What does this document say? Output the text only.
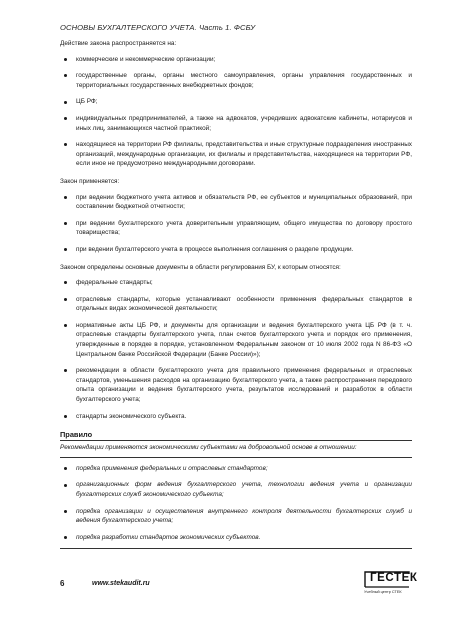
ОСНОВЫ БУХГАЛТЕРСКОГО УЧЕТА. Часть 1. ФСБУ

Действие закона распространяется на:

коммерческие и некоммерческие организации;
государственные органы, органы местного самоуправления, органы управления государственных и территориальных государственных внебюджетных фондов;
ЦБ РФ;
индивидуальных предпринимателей, а также на адвокатов, учредивших адвокатские кабинеты, нотариусов и иных лиц, занимающихся частной практикой;
находящиеся на территории РФ филиалы, представительства и иные структурные подразделения иностранных организаций, международные организации, их филиалы и представительства, находящиеся на территории РФ, если иное не предусмотрено международными договорами.

Закон применяется:

при ведении бюджетного учета активов и обязательств РФ, ее субъектов и муниципальных образований, при составлении бюджетной отчетности;
при ведении бухгалтерского учета доверительным управляющим, общего имущества по договору простого товарищества;
при ведении бухгалтерского учета в процессе выполнения соглашения о разделе продукции.

Законом определены основные документы в области регулирования БУ, к которым относятся:

федеральные стандарты;
отраслевые стандарты, которые устанавливают особенности применения федеральных стандартов в отдельных видах экономической деятельности;
нормативные акты ЦБ РФ, и документы для организации и ведения бухгалтерского учета ЦБ РФ (в т. ч. отраслевые стандарты бухгалтерского учета, план счетов бухгалтерского учета и порядок его применения, утвержденные в порядке в порядке, установленном Федеральным законом от 10 июля 2002 года N 86-ФЗ «О Центральном банке Российской Федерации (Банке России)»);
рекомендации в области бухгалтерского учета для правильного применения федеральных и отраслевых стандартов, уменьшения расходов на организацию бухгалтерского учета, а также распространения передового опыта организации и ведения бухгалтерского учета, результатов исследований и разработок в области бухгалтерского учета;
стандарты экономического субъекта.
Правило

Рекомендации применяются экономическими субъектами на добровольной основе в отношении:

порядка применения федеральных и отраслевых стандартов;
организационных форм ведения бухгалтерского учета, технологии ведения учета и организации бухгалтерских служб экономического субъекта;
порядка организации и осуществления внутреннего контроля деятельности бухгалтерских служб и ведения бухгалтерского учета;
порядка разработки стандартов экономических субъектов.
6	www.stekaudit.ru	ГЕСТЕК
Учебный центр СТЕК
